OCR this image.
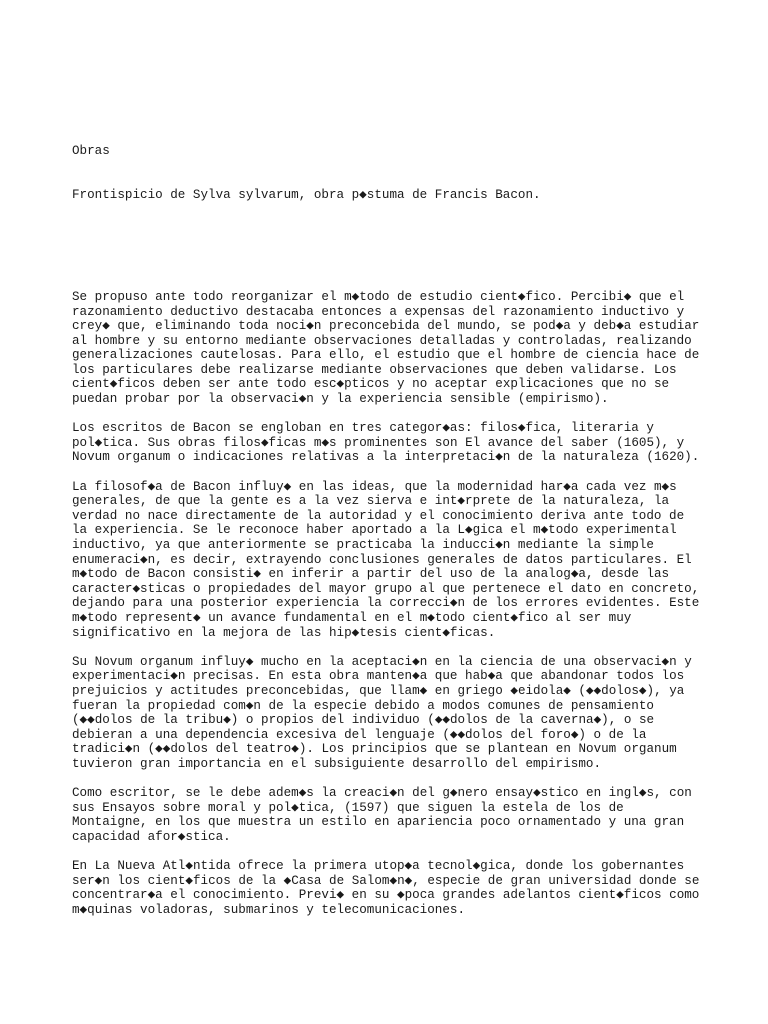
Obras

Frontispicio de Sylva sylvarum, obra p◆stuma de Francis Bacon.

Se propuso ante todo reorganizar el m◆todo de estudio cient◆fico. Percibi◆ que el
razonamiento deductivo destacaba entonces a expensas del razonamiento inductivo y
crey◆ que, eliminando toda noci◆n preconcebida del mundo, se pod◆a y deb◆a estudiar
al hombre y su entorno mediante observaciones detalladas y controladas, realizando
generalizaciones cautelosas. Para ello, el estudio que el hombre de ciencia hace de
los particulares debe realizarse mediante observaciones que deben validarse. Los
cient◆ficos deben ser ante todo esc◆pticos y no aceptar explicaciones que no se
puedan probar por la observaci◆n y la experiencia sensible (empirismo).
Los escritos de Bacon se engloban en tres categor◆as: filos◆fica, literaria y
pol◆tica. Sus obras filos◆ficas m◆s prominentes son El avance del saber (1605), y
Novum organum o indicaciones relativas a la interpretaci◆n de la naturaleza (1620).
La filosof◆a de Bacon influy◆ en las ideas, que la modernidad har◆a cada vez m◆s
generales, de que la gente es a la vez sierva e int◆rprete de la naturaleza, la
verdad no nace directamente de la autoridad y el conocimiento deriva ante todo de
la experiencia. Se le reconoce haber aportado a la L◆gica el m◆todo experimental
inductivo, ya que anteriormente se practicaba la inducci◆n mediante la simple
enumeraci◆n, es decir, extrayendo conclusiones generales de datos particulares. El
m◆todo de Bacon consisti◆ en inferir a partir del uso de la analog◆a, desde las
caracter◆sticas o propiedades del mayor grupo al que pertenece el dato en concreto,
dejando para una posterior experiencia la correcci◆n de los errores evidentes. Este
m◆todo represent◆ un avance fundamental en el m◆todo cient◆fico al ser muy
significativo en la mejora de las hip◆tesis cient◆ficas.
Su Novum organum influy◆ mucho en la aceptaci◆n en la ciencia de una observaci◆n y
experimentaci◆n precisas. En esta obra manten◆a que hab◆a que abandonar todos los
prejuicios y actitudes preconcebidas, que llam◆ en griego ◆eidola◆ (◆◆dolos◆), ya
fueran la propiedad com◆n de la especie debido a modos comunes de pensamiento
(◆◆dolos de la tribu◆) o propios del individuo (◆◆dolos de la caverna◆), o se
debieran a una dependencia excesiva del lenguaje (◆◆dolos del foro◆) o de la
tradici◆n (◆◆dolos del teatro◆). Los principios que se plantean en Novum organum
tuvieron gran importancia en el subsiguiente desarrollo del empirismo.
Como escritor, se le debe adem◆s la creaci◆n del g◆nero ensay◆stico en ingl◆s, con
sus Ensayos sobre moral y pol◆tica, (1597) que siguen la estela de los de
Montaigne, en los que muestra un estilo en apariencia poco ornamentado y una gran
capacidad afor◆stica.
En La Nueva Atl◆ntida ofrece la primera utop◆a tecnol◆gica, donde los gobernantes
ser◆n los cient◆ficos de la ◆Casa de Salom◆n◆, especie de gran universidad donde se
concentrar◆a el conocimiento. Previ◆ en su ◆poca grandes adelantos cient◆ficos como
m◆quinas voladoras, submarinos y telecomunicaciones.
